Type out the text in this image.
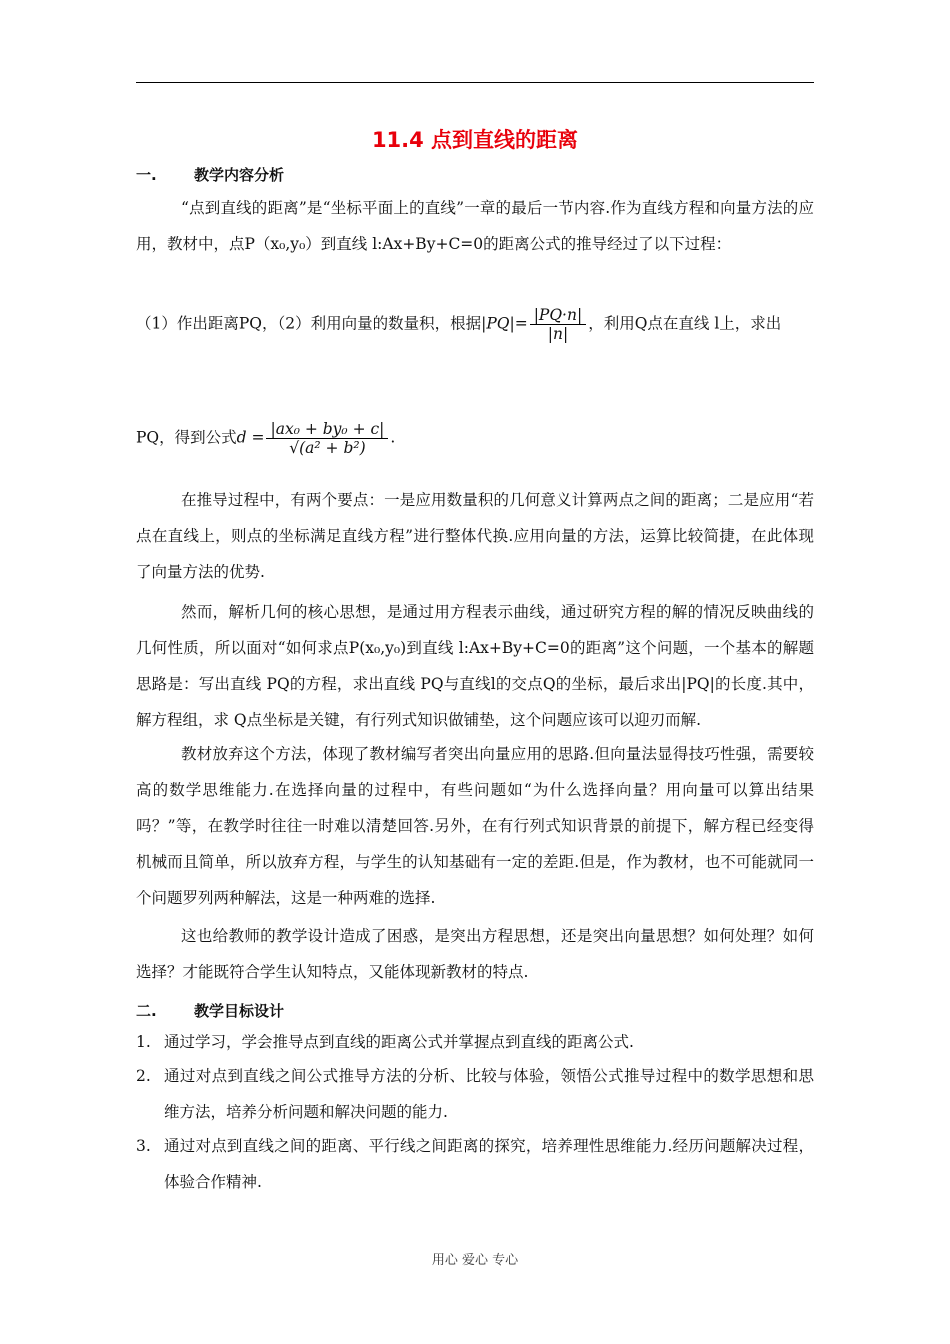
11.4 点到直线的距离
一. 教学内容分析
“点到直线的距离”是“坐标平面上的直线”一章的最后一节内容.作为直线方程和向量方法的应用，教材中，点P（x₀,y₀）到直线 l:Ax+By+C=0的距离公式的推导经过了以下过程：
（1）作出距离PQ，（2）利用向量的数量积，根据$|PQ|= \frac{|PQ\cdot n|}{|n|}$ ，利用Q点在直线 l上，求出
PQ，得到公式$d = \frac{\text{|ax₀ + by₀ + c|}}{\text{√(a² + b²)}}$ .
在推导过程中，有两个要点：一是应用数量积的几何意义计算两点之间的距离；二是应用“若点在直线上，则点的坐标满足直线方程”进行整体代换.应用向量的方法，运算比较简捷，在此体现了向量方法的优势.
然而，解析几何的核心思想，是通过用方程表示曲线，通过研究方程的解的情况反映曲线的几何性质，所以面对“如何求点P(x₀,y₀)到直线 l:Ax+By+C=0的距离”这个问题，一个基本的解题思路是：写出直线 PQ的方程，求出直线 PQ与直线l的交点Q的坐标，最后求出|PQ|的长度.其中，解方程组，求 Q点坐标是关键，有行列式知识做铺垫，这个问题应该可以迎刃而解.
教材放弃这个方法，体现了教材编写者突出向量应用的思路.但向量法显得技巧性强，需要较高的数学思维能力.在选择向量的过程中，有些问题如“为什么选择向量？用向量可以算出结果吗？”等，在教学时往往一时难以清楚回答.另外，在有行列式知识背景的前提下，解方程已经变得机械而且简单，所以放弃方程，与学生的认知基础有一定的差距.但是，作为教材，也不可能就同一个问题罗列两种解法，这是一种两难的选择.
这也给教师的教学设计造成了困惑，是突出方程思想，还是突出向量思想？如何处理？如何选择？才能既符合学生认知特点，又能体现新教材的特点.
二. 教学目标设计
1. 通过学习，学会推导点到直线的距离公式并掌握点到直线的距离公式.
2. 通过对点到直线之间公式推导方法的分析、比较与体验，领悟公式推导过程中的数学思想和思维方法，培养分析问题和解决问题的能力.
3. 通过对点到直线之间的距离、平行线之间距离的探究，培养理性思维能力.经历问题解决过程，体验合作精神.
用心 爱心 专心
